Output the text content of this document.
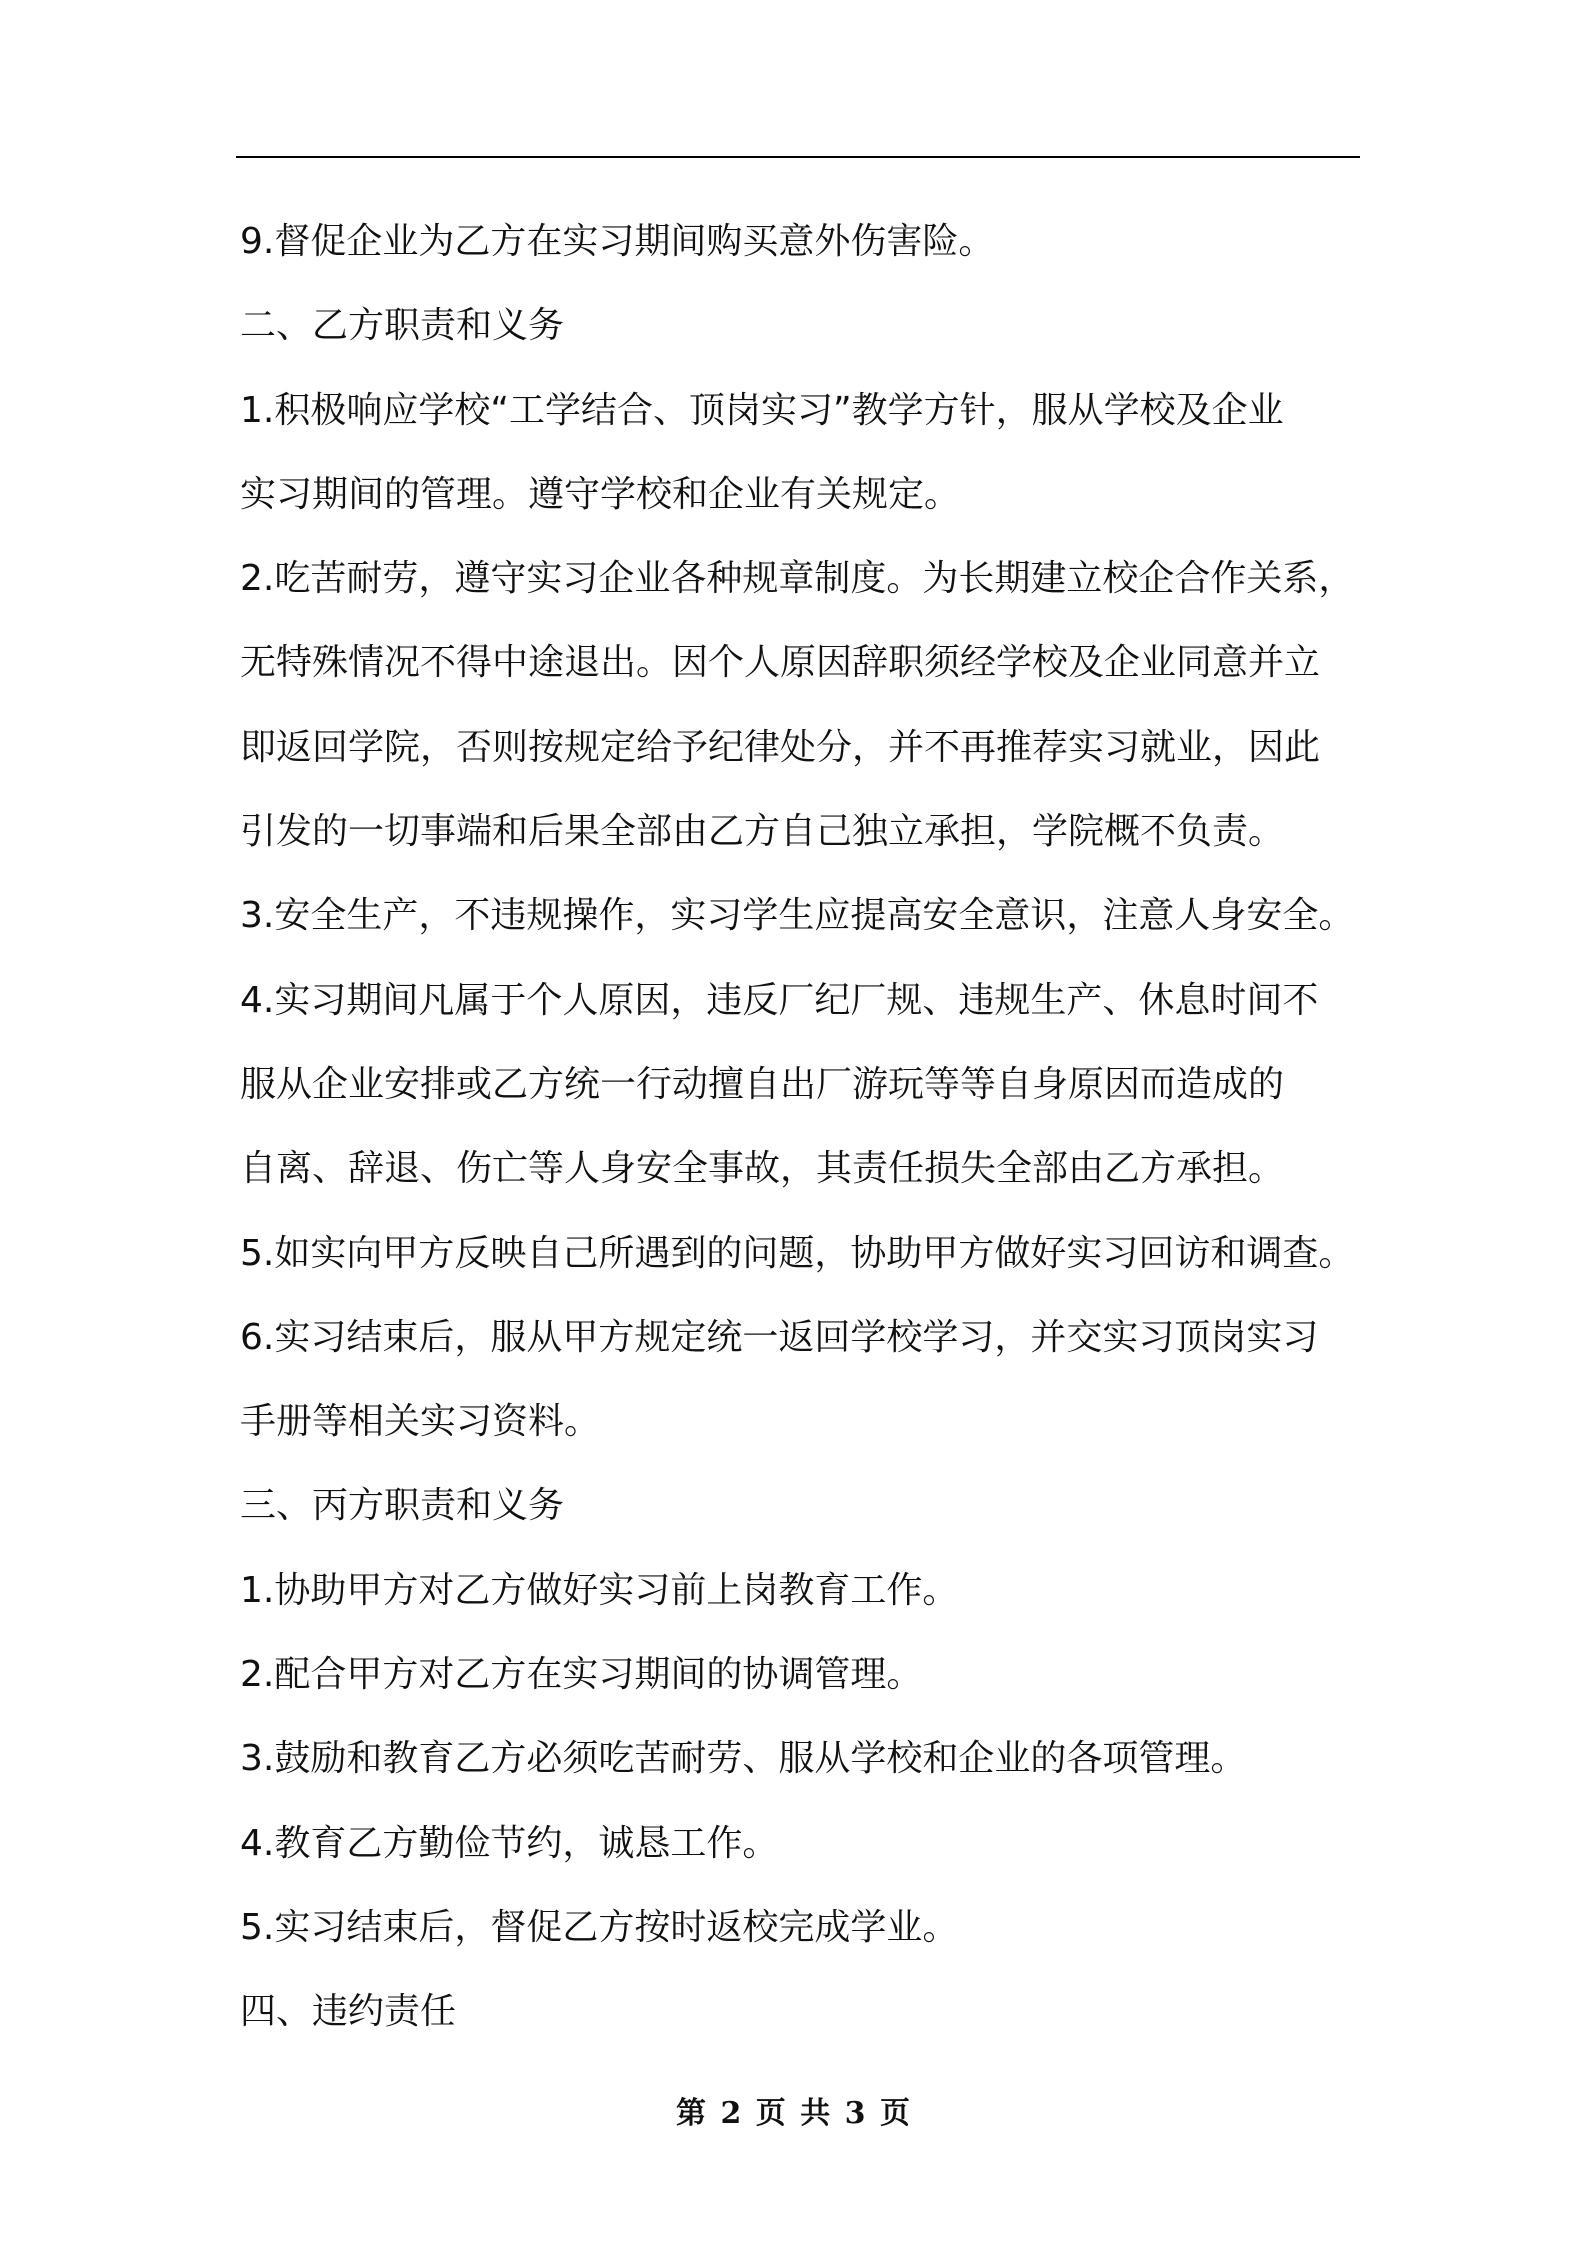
9.督促企业为乙方在实习期间购买意外伤害险。

二、乙方职责和义务

1.积极响应学校“工学结合、顶岗实习”教学方针，服从学校及企业

实习期间的管理。遵守学校和企业有关规定。

2.吃苦耐劳，遵守实习企业各种规章制度。为长期建立校企合作关系，

无特殊情况不得中途退出。因个人原因辞职须经学校及企业同意并立

即返回学院，否则按规定给予纪律处分，并不再推荐实习就业，因此

引发的一切事端和后果全部由乙方自己独立承担，学院概不负责。

3.安全生产，不违规操作，实习学生应提高安全意识，注意人身安全。

4.实习期间凡属于个人原因，违反厂纪厂规、违规生产、休息时间不

服从企业安排或乙方统一行动擅自出厂游玩等等自身原因而造成的

自离、辞退、伤亡等人身安全事故，其责任损失全部由乙方承担。

5.如实向甲方反映自己所遇到的问题，协助甲方做好实习回访和调查。

6.实习结束后，服从甲方规定统一返回学校学习，并交实习顶岗实习

手册等相关实习资料。

三、丙方职责和义务

1.协助甲方对乙方做好实习前上岗教育工作。

2.配合甲方对乙方在实习期间的协调管理。

3.鼓励和教育乙方必须吃苦耐劳、服从学校和企业的各项管理。

4.教育乙方勤俭节约，诚恳工作。

5.实习结束后，督促乙方按时返校完成学业。

四、违约责任

第 2 页 共 3 页
